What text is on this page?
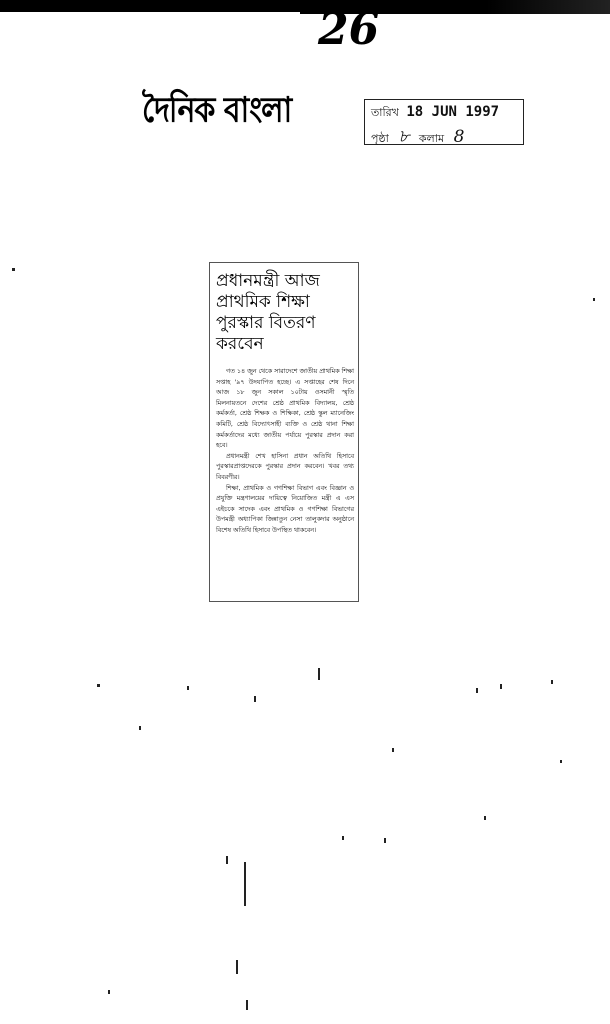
26
দৈনিক বাংলা	তারিখ 18 JUN 1997
পৃষ্ঠা ৮ কলাম 8
প্রধানমন্ত্রী আজ প্রাথমিক শিক্ষা পুরস্কার বিতরণ করবেন

গত ১৪ জুন থেকে সারাদেশে জাতীয় প্রাথমিক শিক্ষা সপ্তাহ '৯৭ উদযাপিত হচ্ছে। এ সপ্তাহের শেষ দিনে আজ ১৮ জুন সকাল ১০টায় ওসমানী স্মৃতি মিলনায়তনে দেশের শ্রেষ্ঠ প্রাথমিক বিদ্যালয়, শ্রেষ্ঠ কর্মকর্তা, শ্রেষ্ঠ শিক্ষক ও শিক্ষিকা, শ্রেষ্ঠ স্কুল ম্যানেজিং কমিটি, শ্রেষ্ঠ বিদ্যোৎসাহী ব্যক্তি ও শ্রেষ্ঠ থানা শিক্ষা কর্মকর্তাদের মধ্যে জাতীয় পর্যায়ে পুরস্কার প্রদান করা হবে।

প্রধানমন্ত্রী শেখ হাসিনা প্রধান অতিথি হিসাবে পুরস্কারপ্রাপ্তদেরকে পুরস্কার প্রদান করবেন। খবর তথ্য বিবরণীর।

শিক্ষা, প্রাথমিক ও গণশিক্ষা বিভাগ এবং বিজ্ঞান ও প্রযুক্তি মন্ত্রণালয়ের দায়িত্বে নিয়োজিত মন্ত্রী এ এস এইচকে সাদেক এবং প্রাথমিক ও গণশিক্ষা বিভাগের উপমন্ত্রী অধ্যাপিকা জিন্নাতুন নেসা তালুকদার অনুষ্ঠানে বিশেষ অতিথি হিসাবে উপস্থিত থাকবেন।
